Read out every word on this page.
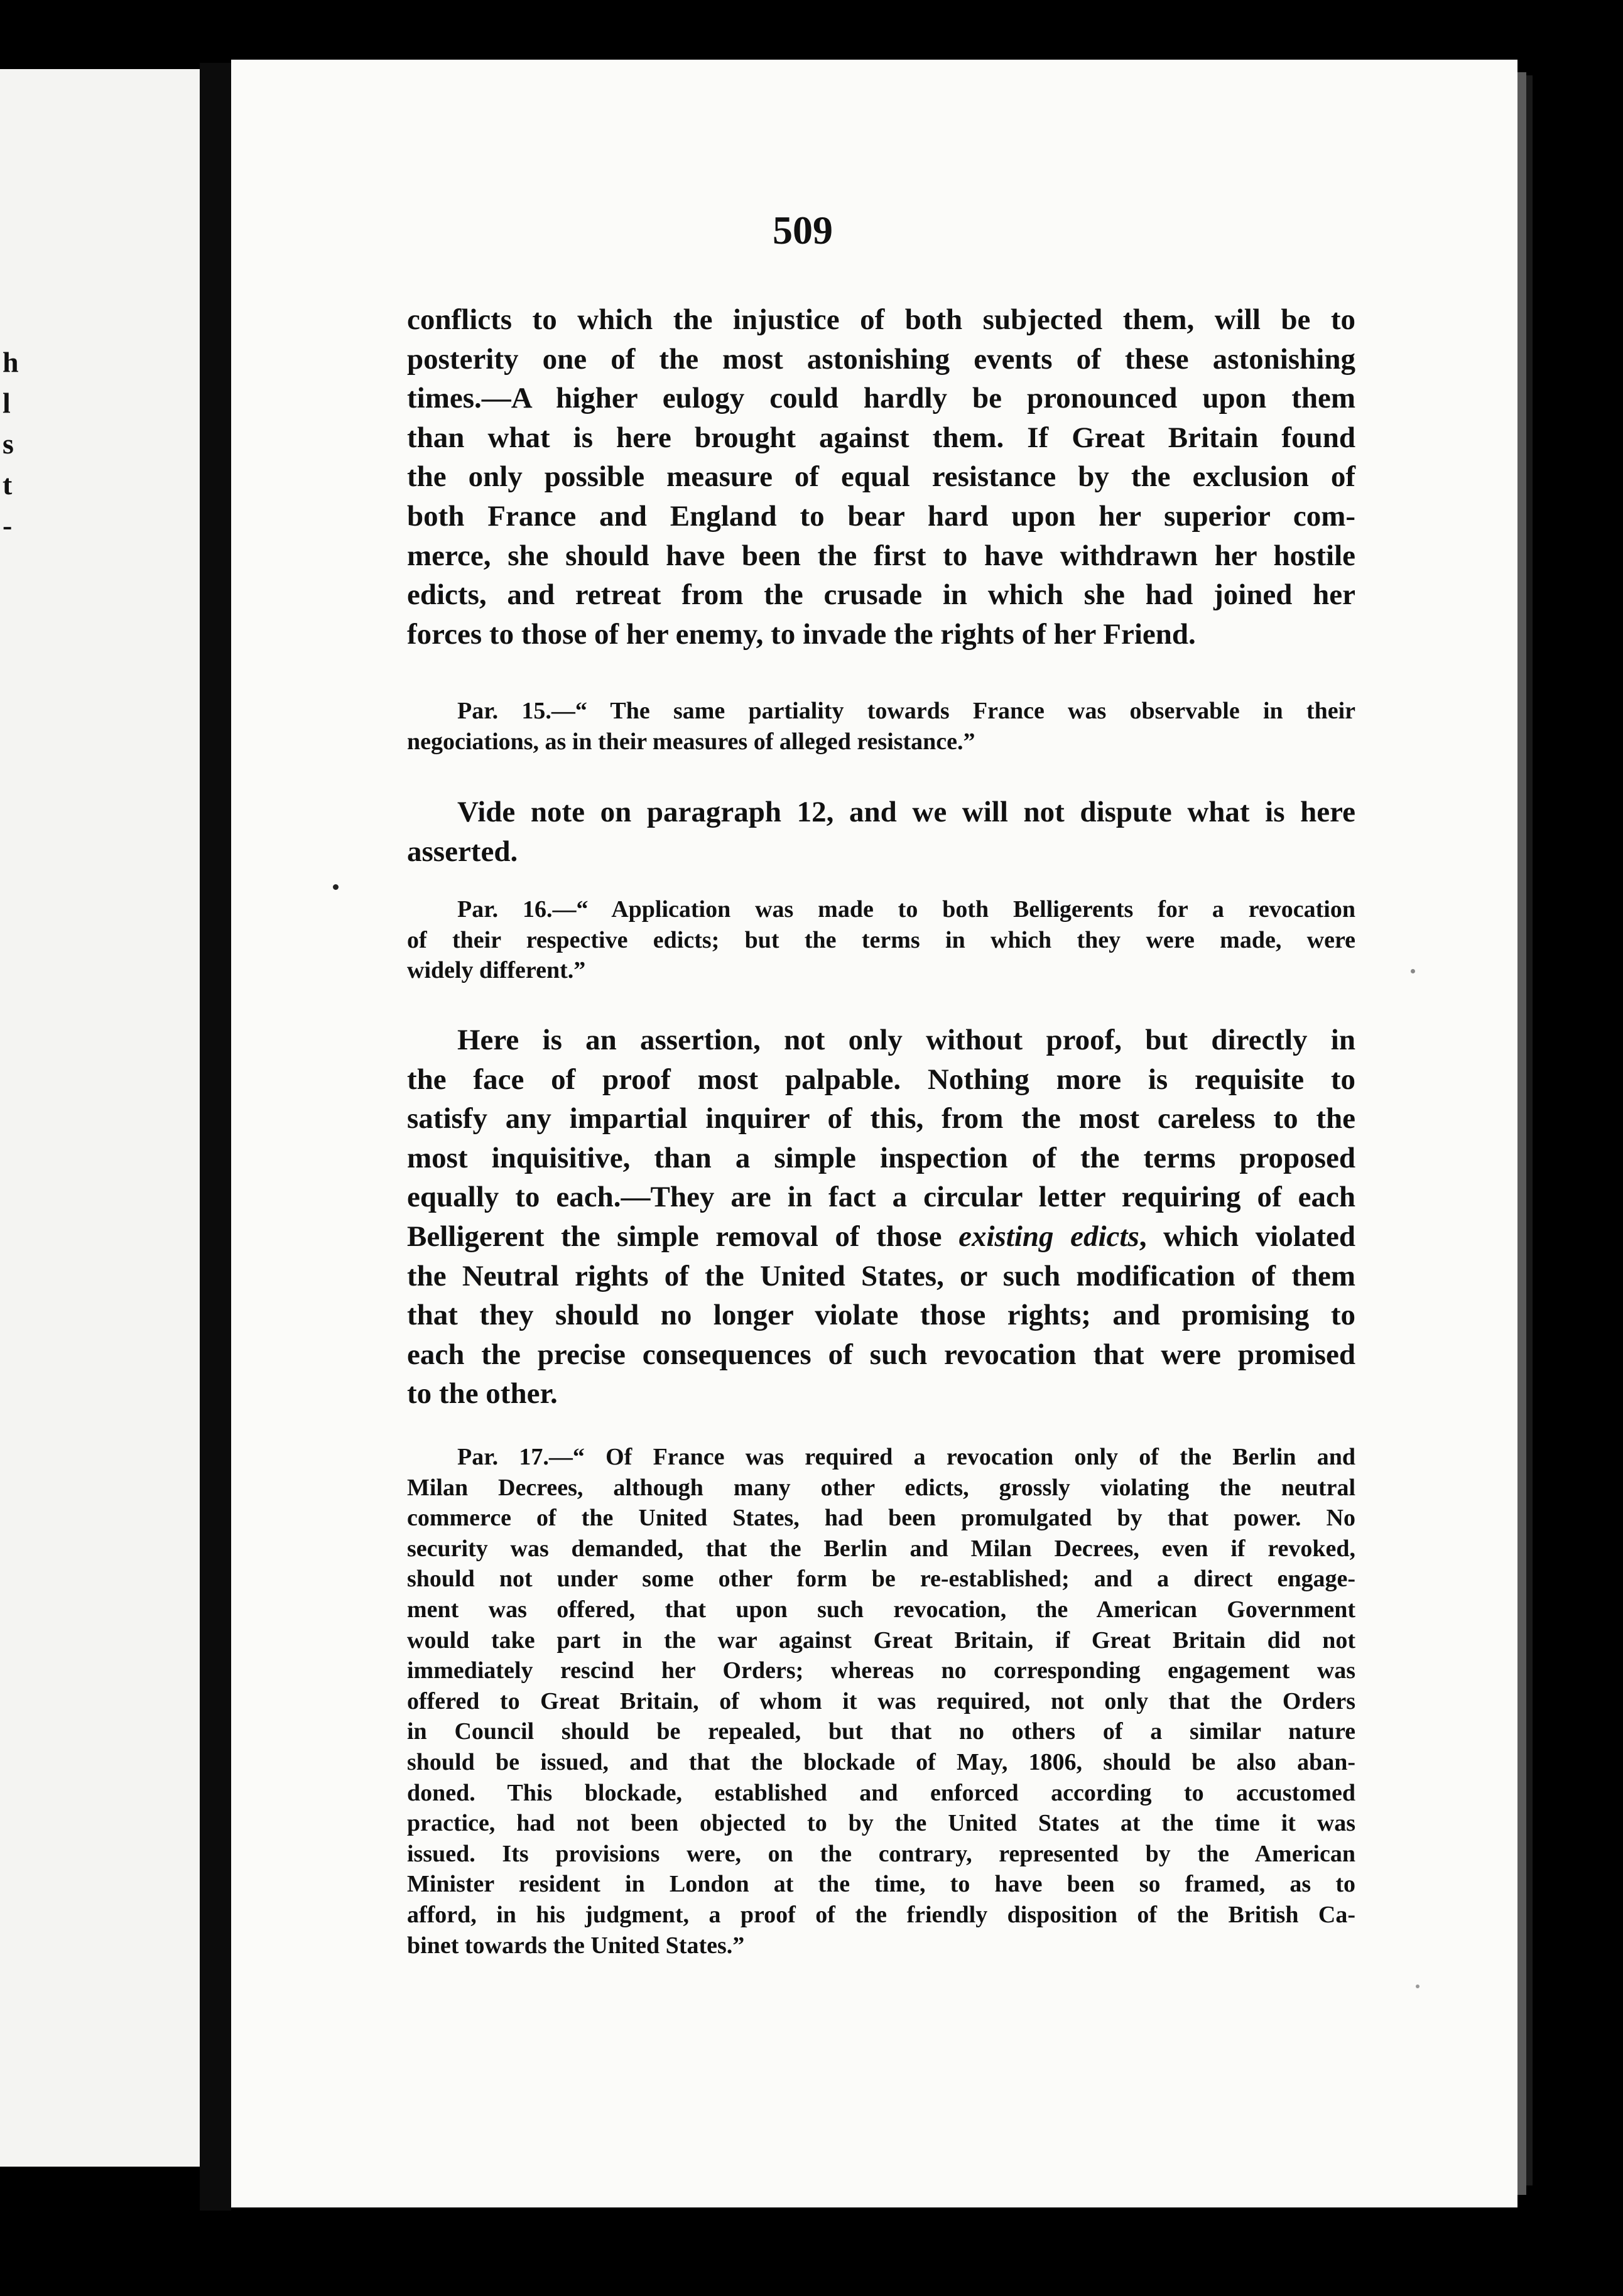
h
l
s
t
-
509
conflicts to which the injustice of both subjected them, will be to
posterity one of the most astonishing events of these astonishing
times.—A higher eulogy could hardly be pronounced upon them
than what is here brought against them. If Great Britain found
the only possible measure of equal resistance by the exclusion of
both France and England to bear hard upon her superior com-
merce, she should have been the first to have withdrawn her hostile
edicts, and retreat from the crusade in which she had joined her
forces to those of her enemy, to invade the rights of her Friend.
Par. 15.—“ The same partiality towards France was observable in their
negociations, as in their measures of alleged resistance.”
Vide note on paragraph 12, and we will not dispute what is here
asserted.
Par. 16.—“ Application was made to both Belligerents for a revocation
of their respective edicts; but the terms in which they were made, were
widely different.”
Here is an assertion, not only without proof, but directly in
the face of proof most palpable. Nothing more is requisite to
satisfy any impartial inquirer of this, from the most careless to the
most inquisitive, than a simple inspection of the terms proposed
equally to each.—They are in fact a circular letter requiring of each
Belligerent the simple removal of those existing edicts, which violated
the Neutral rights of the United States, or such modification of them
that they should no longer violate those rights; and promising to
each the precise consequences of such revocation that were promised
to the other.
Par. 17.—“ Of France was required a revocation only of the Berlin and
Milan Decrees, although many other edicts, grossly violating the neutral
commerce of the United States, had been promulgated by that power. No
security was demanded, that the Berlin and Milan Decrees, even if revoked,
should not under some other form be re-established; and a direct engage-
ment was offered, that upon such revocation, the American Government
would take part in the war against Great Britain, if Great Britain did not
immediately rescind her Orders; whereas no corresponding engagement was
offered to Great Britain, of whom it was required, not only that the Orders
in Council should be repealed, but that no others of a similar nature
should be issued, and that the blockade of May, 1806, should be also aban-
doned. This blockade, established and enforced according to accustomed
practice, had not been objected to by the United States at the time it was
issued. Its provisions were, on the contrary, represented by the American
Minister resident in London at the time, to have been so framed, as to
afford, in his judgment, a proof of the friendly disposition of the British Ca-
binet towards the United States.”
